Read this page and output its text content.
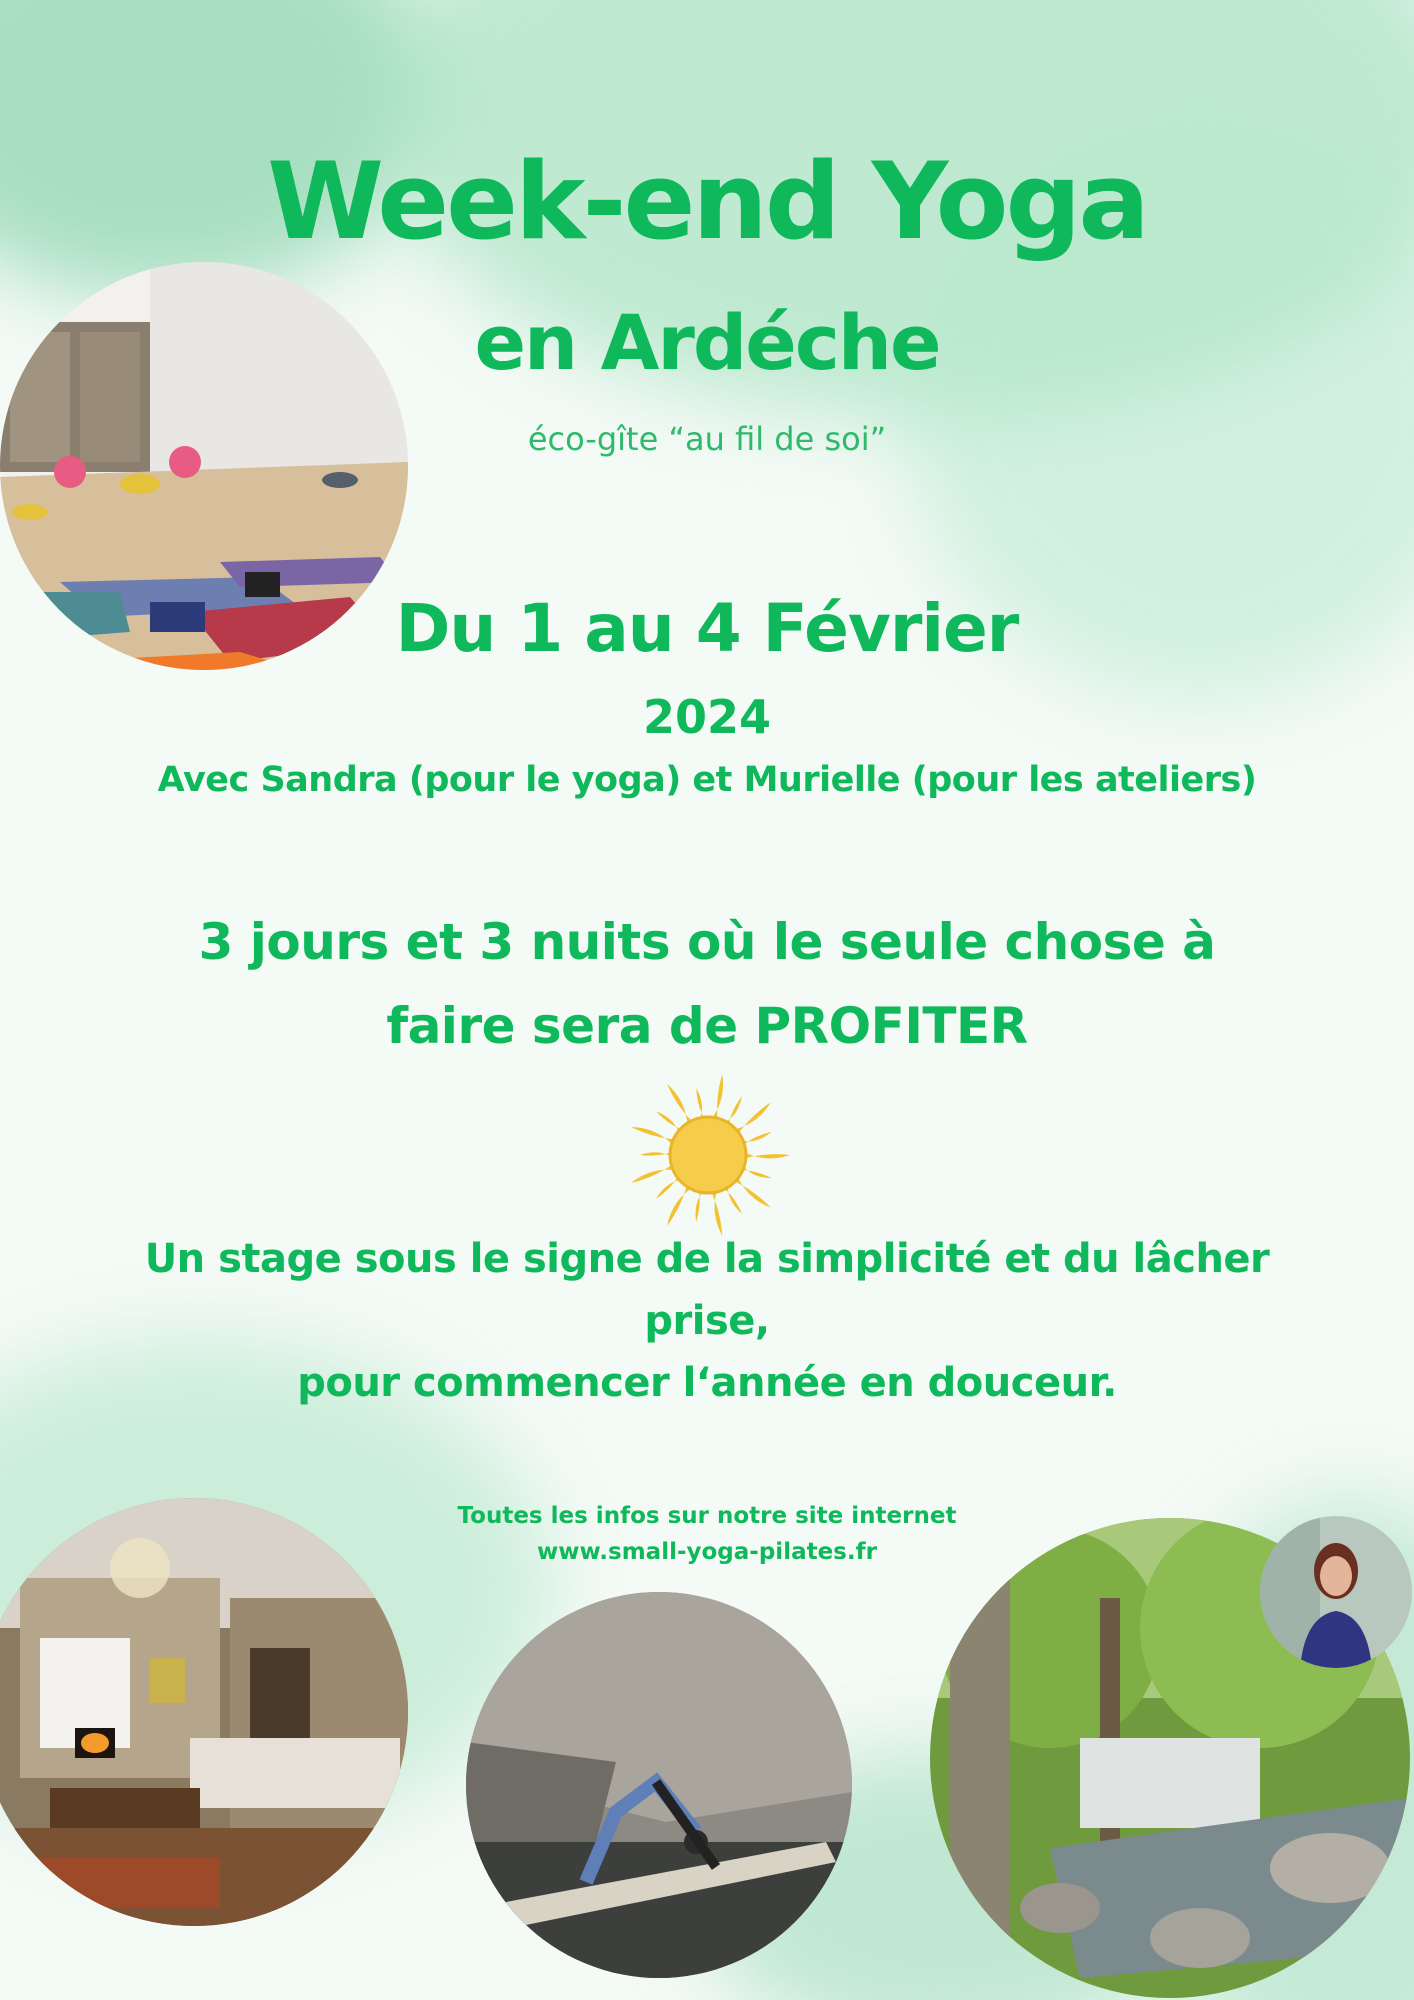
Week-end Yoga
en Ardéche
éco-gîte “au fil de soi”
Du 1 au 4 Février
2024
Avec Sandra (pour le yoga) et Murielle (pour les ateliers)
3 jours et 3 nuits où le seule chose à
faire sera de PROFITER
Un stage sous le signe de la simplicité et du lâcher
prise,
pour commencer l‘année en douceur.
Toutes les infos sur notre site internet
www.small-yoga-pilates.fr
